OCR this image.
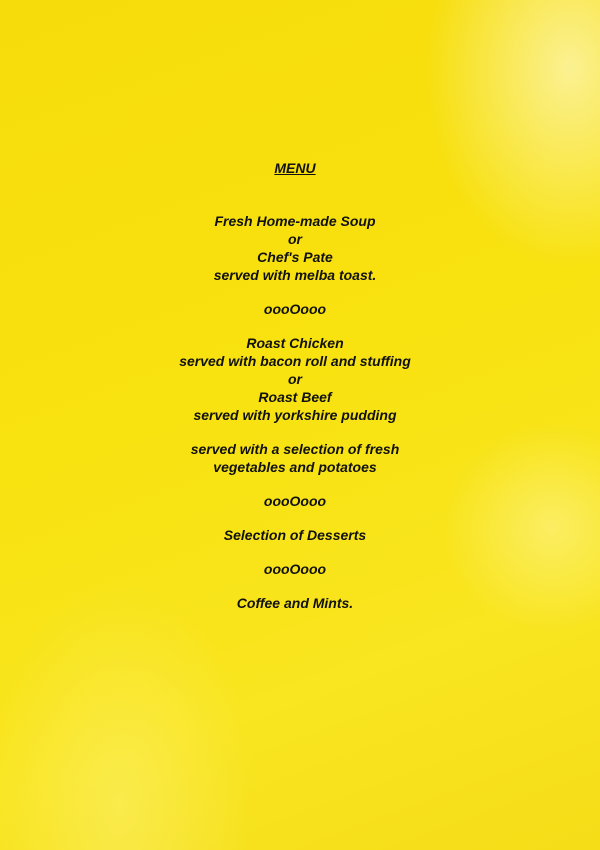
MENU
Fresh Home-made Soup
or
Chef's Pate
served with melba toast.
oooOooo
Roast Chicken
served with bacon roll and stuffing
or
Roast Beef
served with yorkshire pudding
served with a selection of fresh
vegetables and potatoes
oooOooo
Selection of Desserts
oooOooo
Coffee and Mints.
